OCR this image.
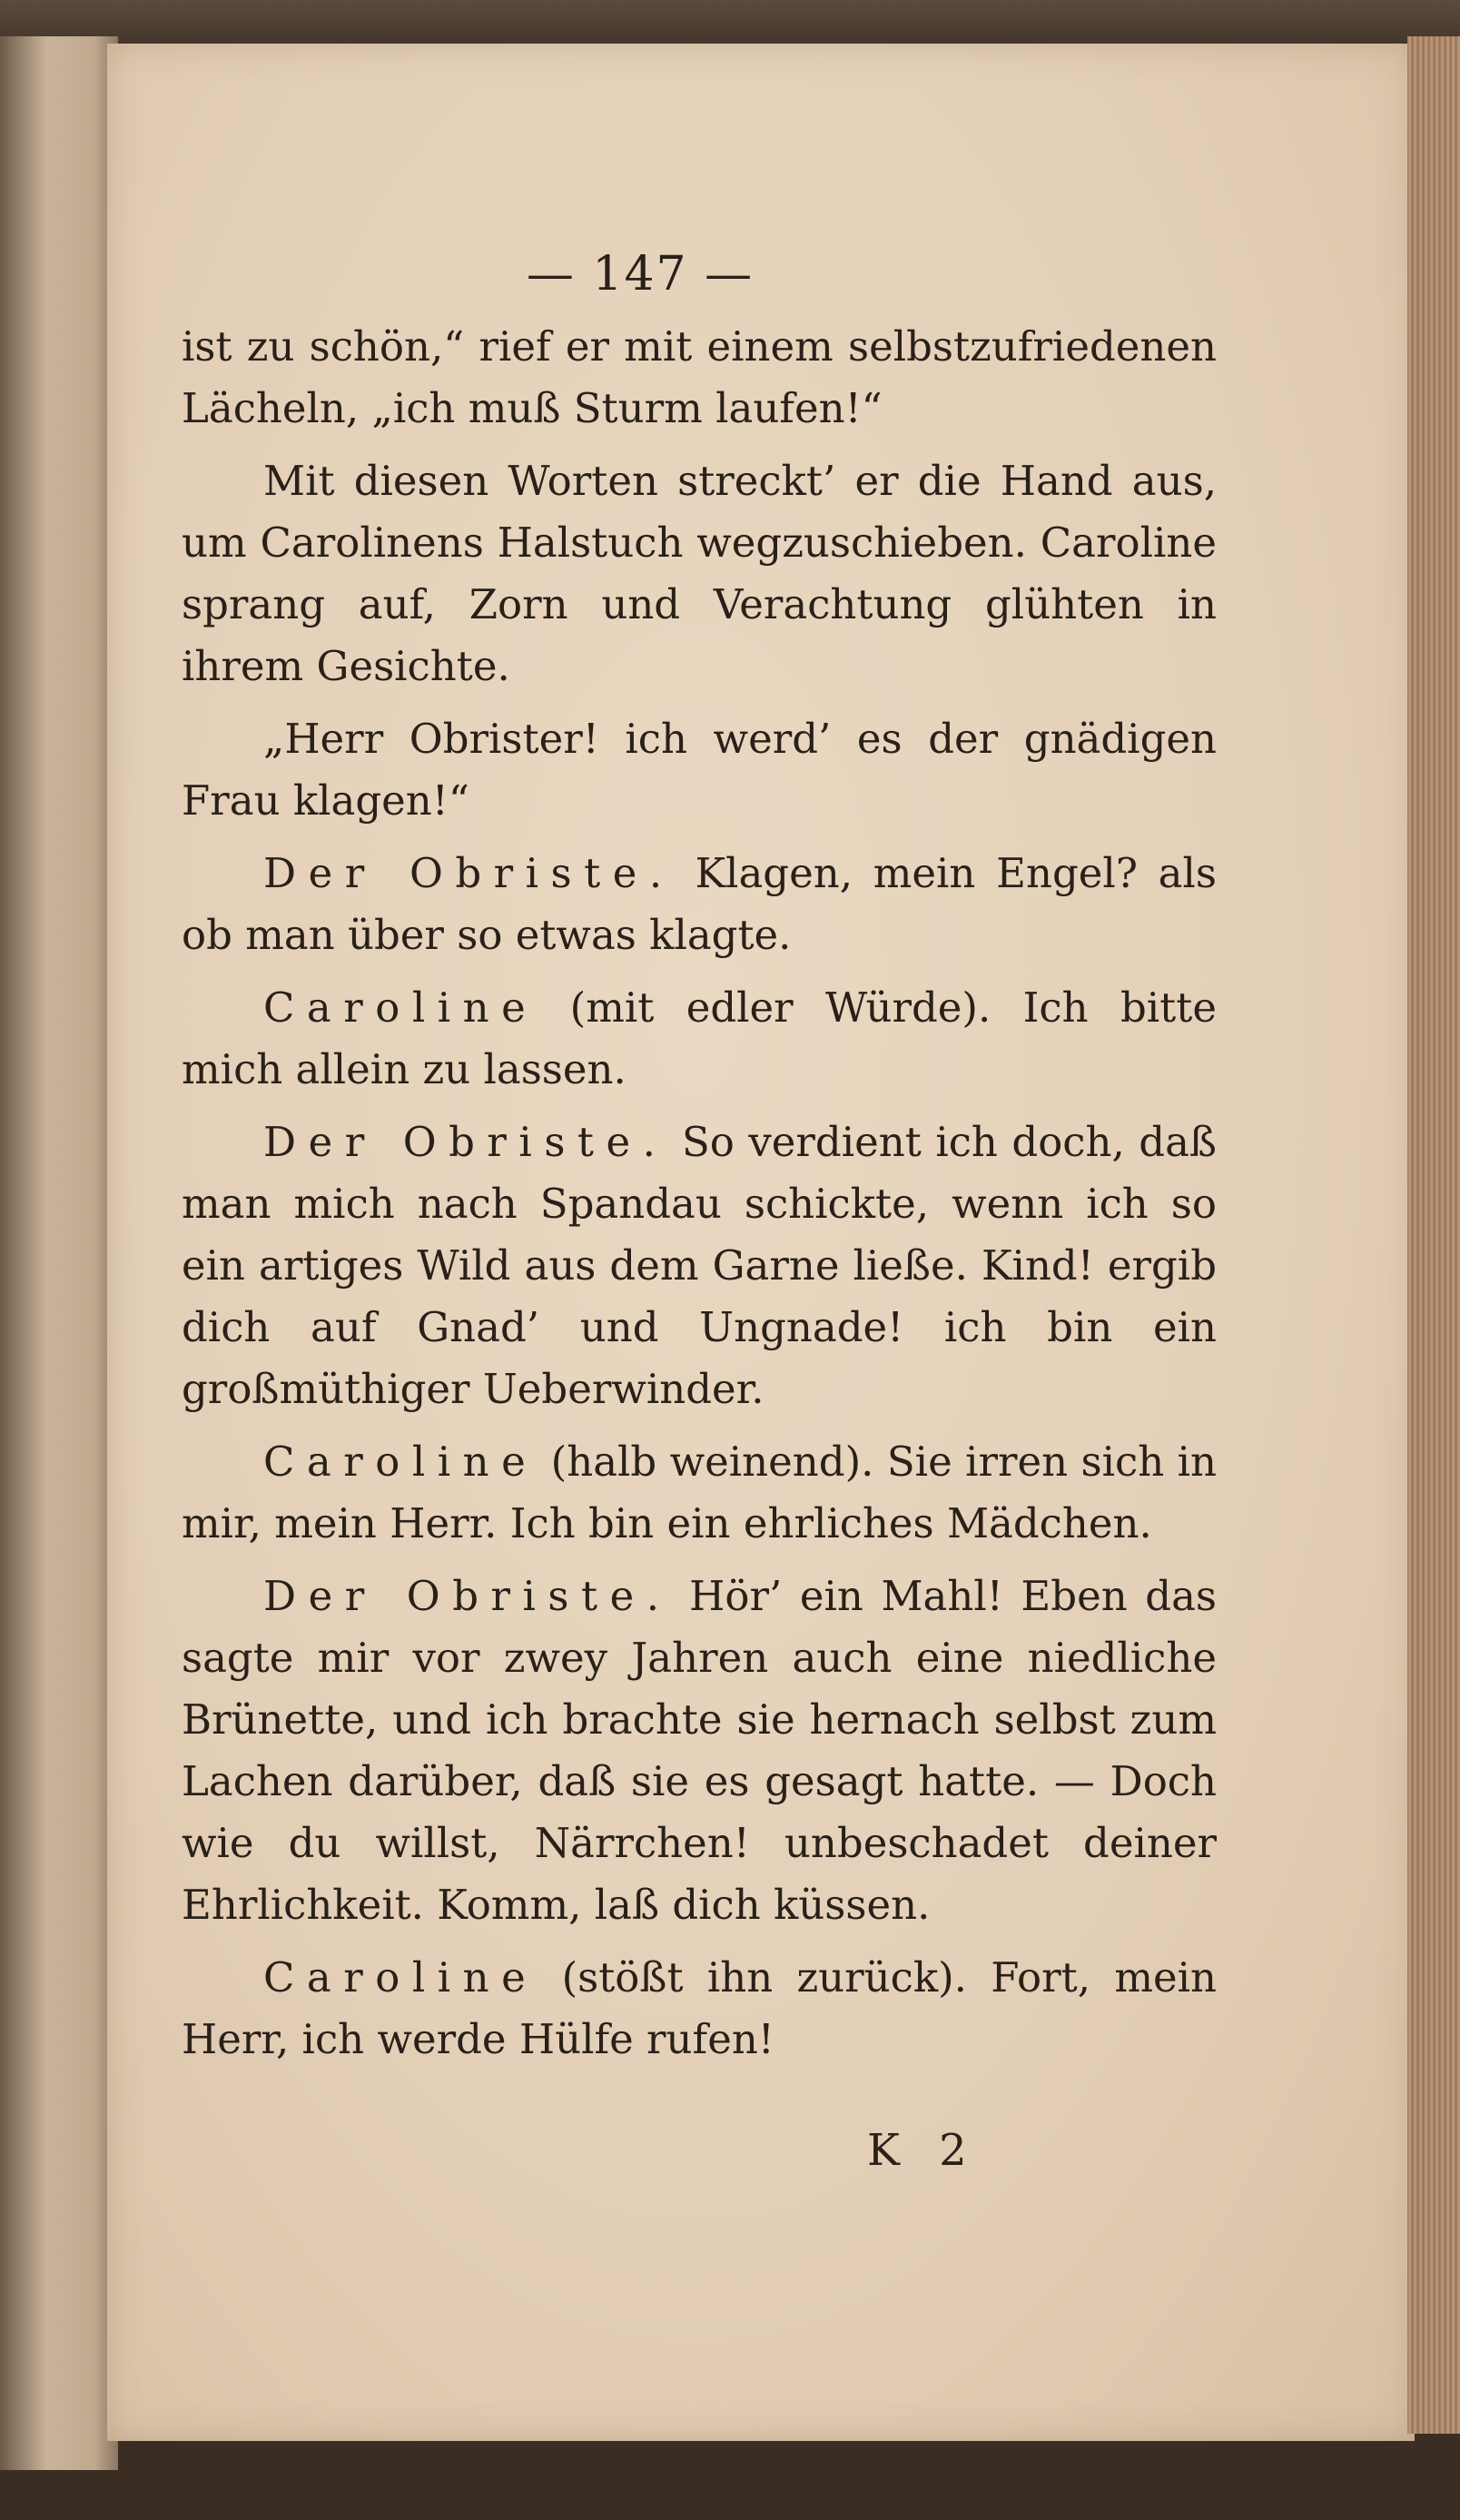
— 147 —

ist zu schön,“ rief er mit einem selbstzufriedenen Lächeln, „ich muß Sturm laufen!“

Mit diesen Worten streckt’ er die Hand aus, um Carolinens Halstuch wegzuschieben. Caroline sprang auf, Zorn und Verachtung glühten in ihrem Gesichte.

„Herr Obrister! ich werd’ es der gnädigen Frau klagen!“

Der Obriste. Klagen, mein Engel? als ob man über so etwas klagte.

Caroline (mit edler Würde). Ich bitte mich allein zu lassen.

Der Obriste. So verdient ich doch, daß man mich nach Spandau schickte, wenn ich so ein artiges Wild aus dem Garne ließe. Kind! ergib dich auf Gnad’ und Ungnade! ich bin ein großmüthiger Ueberwinder.

Caroline (halb weinend). Sie irren sich in mir, mein Herr. Ich bin ein ehrliches Mädchen.

Der Obriste. Hör’ ein Mahl! Eben das sagte mir vor zwey Jahren auch eine niedliche Brünette, und ich brachte sie hernach selbst zum Lachen darüber, daß sie es gesagt hatte. — Doch wie du willst, Närrchen! unbeschadet deiner Ehrlichkeit. Komm, laß dich küssen.

Caroline (stößt ihn zurück). Fort, mein Herr, ich werde Hülfe rufen!

K 2
